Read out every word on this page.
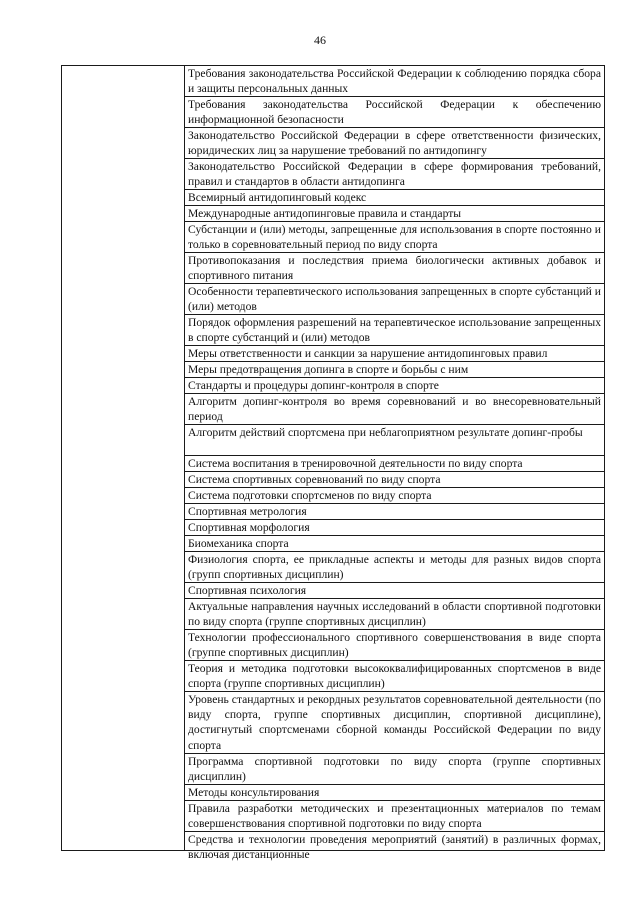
46
Требования законодательства Российской Федерации к соблюдению порядка сбора и защиты персональных данных
Требования законодательства Российской Федерации к обеспечению информационной безопасности
Законодательство Российской Федерации в сфере ответственности физических, юридических лиц за нарушение требований по антидопингу
Законодательство Российской Федерации в сфере формирования требований, правил и стандартов в области антидопинга
Всемирный антидопинговый кодекс
Международные антидопинговые правила и стандарты
Субстанции и (или) методы, запрещенные для использования в спорте постоянно и только в соревновательный период по виду спорта
Противопоказания и последствия приема биологически активных добавок и спортивного питания
Особенности терапевтического использования запрещенных в спорте субстанций и (или) методов
Порядок оформления разрешений на терапевтическое использование запрещенных в спорте субстанций и (или) методов
Меры ответственности и санкции за нарушение антидопинговых правил
Меры предотвращения допинга в спорте и борьбы с ним
Стандарты и процедуры допинг-контроля в спорте
Алгоритм допинг-контроля во время соревнований и во внесоревновательный период
Алгоритм действий спортсмена при неблагоприятном результате допинг-пробы
Система воспитания в тренировочной деятельности по виду спорта
Система спортивных соревнований по виду спорта
Система подготовки спортсменов по виду спорта
Спортивная метрология
Спортивная морфология
Биомеханика спорта
Физиология спорта, ее прикладные аспекты и методы для разных видов спорта (групп спортивных дисциплин)
Спортивная психология
Актуальные направления научных исследований в области спортивной подготовки по виду спорта (группе спортивных дисциплин)
Технологии профессионального спортивного совершенствования в виде спорта (группе спортивных дисциплин)
Теория и методика подготовки высококвалифицированных спортсменов в виде спорта (группе спортивных дисциплин)
Уровень стандартных и рекордных результатов соревновательной деятельности (по виду спорта, группе спортивных дисциплин, спортивной дисциплине), достигнутый спортсменами сборной команды Российской Федерации по виду спорта
Программа спортивной подготовки по виду спорта (группе спортивных дисциплин)
Методы консультирования
Правила разработки методических и презентационных материалов по темам совершенствования спортивной подготовки по виду спорта
Средства и технологии проведения мероприятий (занятий) в различных формах, включая дистанционные
